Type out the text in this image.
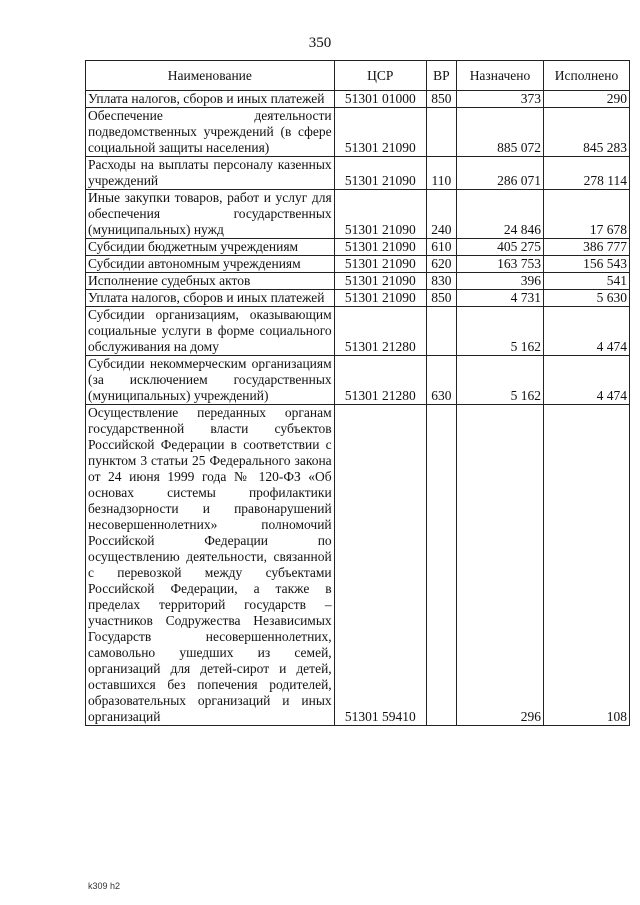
350
Наименование	ЦСР	ВР	Назначено	Исполнено
Уплата налогов, сборов и иных платежей	51301 01000	850	373	290
Обеспечение деятельности подведомственных учреждений (в сфере социальной защиты населения)	51301 21090		885 072	845 283
Расходы на выплаты персоналу казенных учреждений	51301 21090	110	286 071	278 114
Иные закупки товаров, работ и услуг для обеспечения государственных (муниципальных) нужд	51301 21090	240	24 846	17 678
Субсидии бюджетным учреждениям	51301 21090	610	405 275	386 777
Субсидии автономным учреждениям	51301 21090	620	163 753	156 543
Исполнение судебных актов	51301 21090	830	396	541
Уплата налогов, сборов и иных платежей	51301 21090	850	4 731	5 630
Субсидии организациям, оказывающим социальные услуги в форме социального обслуживания на дому	51301 21280		5 162	4 474
Субсидии некоммерческим организациям (за исключением государственных (муниципальных) учреждений)	51301 21280	630	5 162	4 474
Осуществление переданных органам государственной власти субъектов Российской Федерации в соответствии с пунктом 3 статьи 25 Федерального закона от 24 июня 1999 года № 120-ФЗ «Об основах системы профилактики безнадзорности и правонарушений несовершеннолетних» полномочий Российской Федерации по осуществлению деятельности, связанной с перевозкой между субъектами Российской Федерации, а также в пределах территорий государств – участников Содружества Независимых Государств несовершеннолетних, самовольно ушедших из семей, организаций для детей-сирот и детей, оставшихся без попечения родителей, образовательных организаций и иных организаций	51301 59410		296	108
k309 h2
